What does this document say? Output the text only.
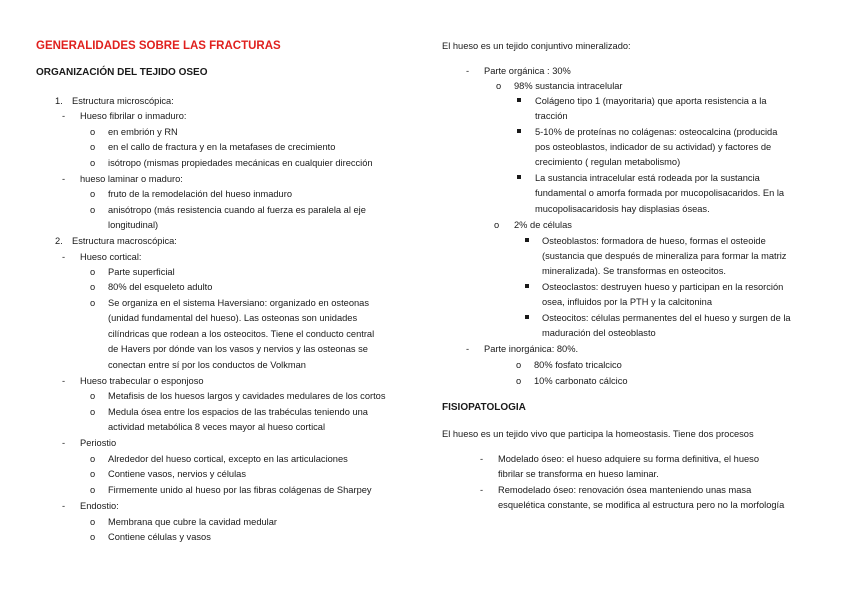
GENERALIDADES SOBRE LAS FRACTURAS
ORGANIZACIÓN DEL TEJIDO OSEO
1. Estructura microscópica:
- Hueso fibrilar o inmaduro:
o en embrión y RN
o en el callo de fractura y en la metafases de crecimiento
o isótropo (mismas propiedades mecánicas en cualquier dirección
- hueso laminar o maduro:
o fruto de la remodelación del hueso inmaduro
o anisótropo (más resistencia cuando al fuerza es paralela al eje
longitudinal)
2. Estructura macroscópica:
- Hueso cortical:
o Parte superficial
o 80% del esqueleto adulto
o Se organiza en el sistema Haversiano: organizado en osteonas
(unidad fundamental del hueso). Las osteonas son unidades
cilíndricas que rodean a los osteocitos. Tiene el conducto central
de Havers por dónde van los vasos y nervios y las osteonas se
conectan entre sí por los conductos de Volkman
- Hueso trabecular o esponjoso
o Metafisis de los huesos largos y cavidades medulares de los cortos
o Medula ósea entre los espacios de las trabéculas teniendo una
actividad metabólica 8 veces mayor al hueso cortical
- Periostio
o Alrededor del hueso cortical, excepto en las articulaciones
o Contiene vasos, nervios y células
o Firmemente unido al hueso por las fibras colágenas de Sharpey
- Endostio:
o Membrana que cubre la cavidad medular
o Contiene células y vasos
El hueso es un tejido conjuntivo mineralizado:
- Parte orgánica : 30%
o 98% sustancia intracelular
Colágeno tipo 1 (mayoritaria) que aporta resistencia a la
tracción
5-10% de proteínas no colágenas: osteocalcina (producida
pos osteoblastos, indicador de su actividad) y factores de
crecimiento ( regulan metabolismo)
La sustancia intracelular está rodeada por la sustancia
fundamental o amorfa formada por mucopolisacaridos. En la
mucopolisacaridosis hay displasias óseas.
o 2% de células
Osteoblastos: formadora de hueso, formas el osteoide
(sustancia que después de mineraliza para formar la matriz
mineralizada). Se transformas en osteocitos.
Osteoclastos: destruyen hueso y participan en la resorción
osea, influidos por la PTH y la calcitonina
Osteocitos: células permanentes del el hueso y surgen de la
maduración del osteoblasto
- Parte inorgánica: 80%.
o 80% fosfato tricalcico
o 10% carbonato cálcico
FISIOPATOLOGIA
El hueso es un tejido vivo que participa la homeostasis. Tiene dos procesos
- Modelado óseo: el hueso adquiere su forma definitiva, el hueso
fibrilar se transforma en hueso laminar.
- Remodelado óseo: renovación ósea manteniendo unas masa
esquelética constante, se modifica al estructura pero no la morfología
